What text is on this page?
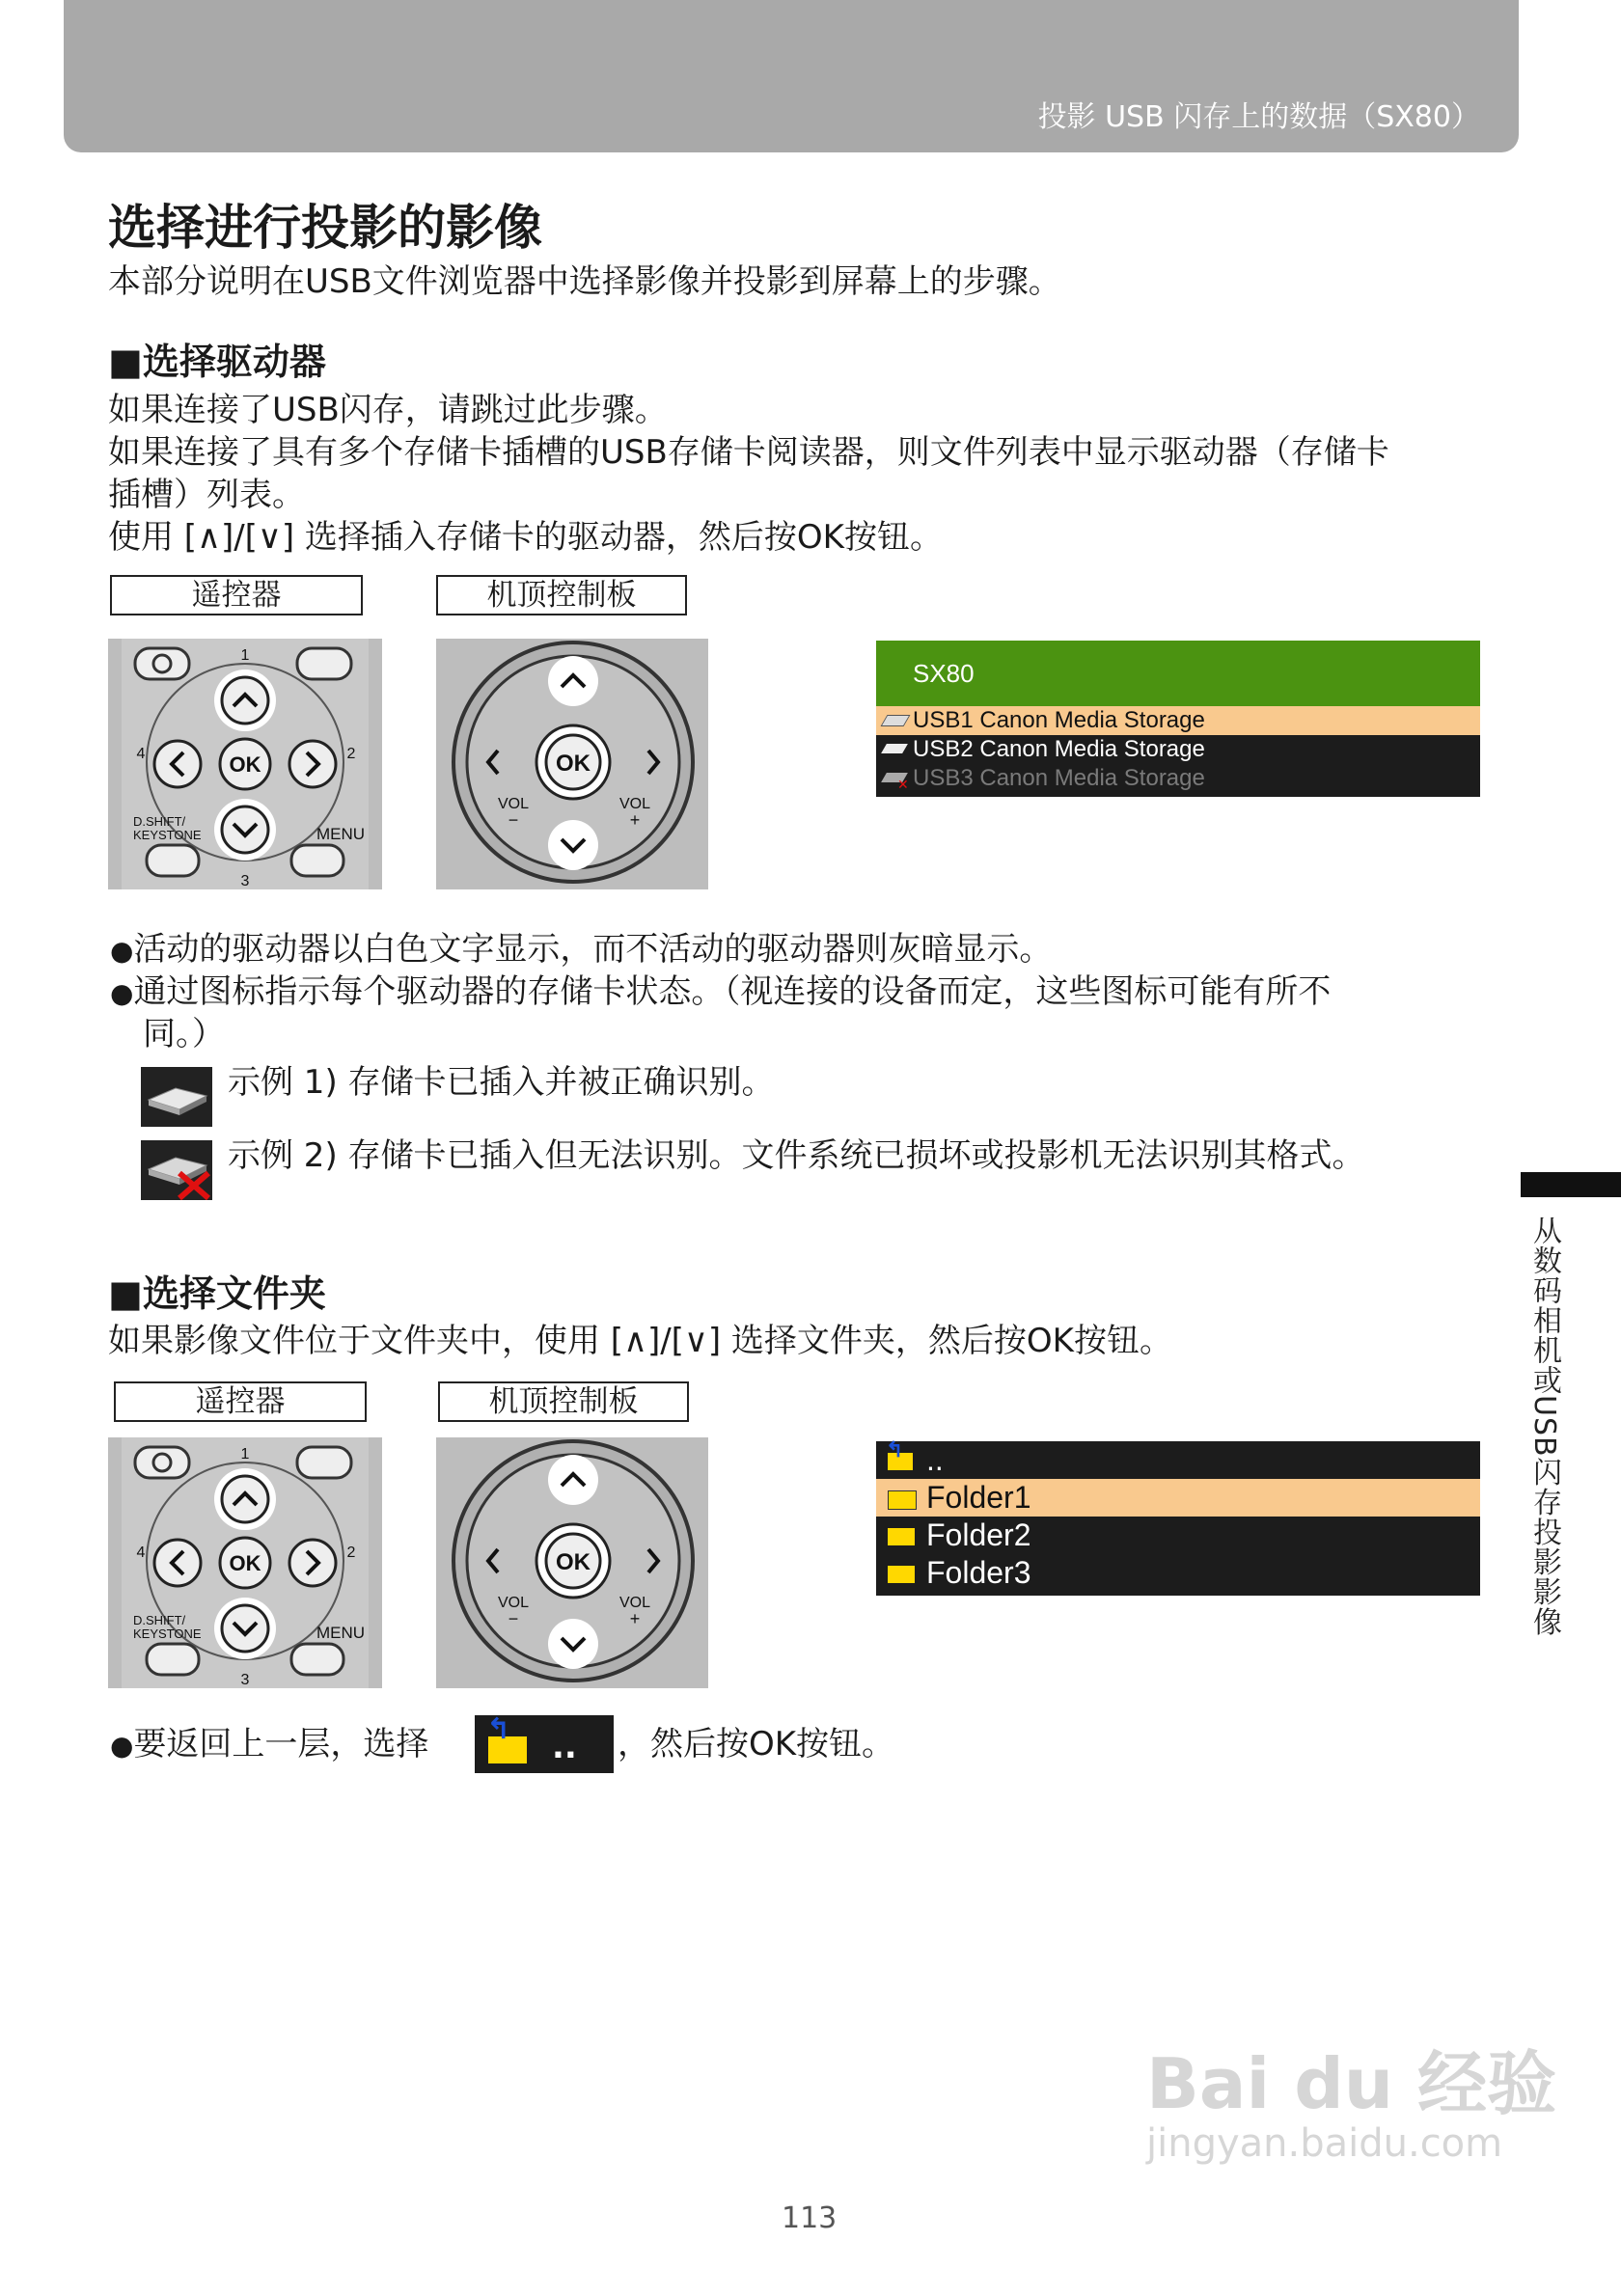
投影 USB 闪存上的数据（SX80）
选择进行投影的影像
本部分说明在USB文件浏览器中选择影像并投影到屏幕上的步骤。
■选择驱动器
如果连接了USB闪存，请跳过此步骤。
如果连接了具有多个存储卡插槽的USB存储卡阅读器，则文件列表中显示驱动器（存储卡
插槽）列表。
使用 [∧]/[∨] 选择插入存储卡的驱动器，然后按OK按钮。
遥控器	机顶控制板
OK
1
2
3
4
D.SHIFT/
KEYSTONE	MENU
OK
VOL
−
VOL
+
SX80
USB1 Canon Media Storage
USB2 Canon Media Storage
✕ USB3 Canon Media Storage
●活动的驱动器以白色文字显示，而不活动的驱动器则灰暗显示。
●通过图标指示每个驱动器的存储卡状态。（视连接的设备而定，这些图标可能有所不
同。）
示例 1) 存储卡已插入并被正确识别。
示例 2) 存储卡已插入但无法识别。文件系统已损坏或投影机无法识别其格式。
■选择文件夹
如果影像文件位于文件夹中，使用 [∧]/[∨] 选择文件夹，然后按OK按钮。
遥控器	机顶控制板
OK
1
2
3
4
D.SHIFT/
KEYSTONE	MENU
OK
VOL
−
VOL
+
↰ ..
Folder1
Folder2
Folder3
●要返回上一层，选择 ↰ .. ，然后按OK按钮。
从数码相机或USB闪存投影影像
113
Bai du 经验
jingyan.baidu.com
